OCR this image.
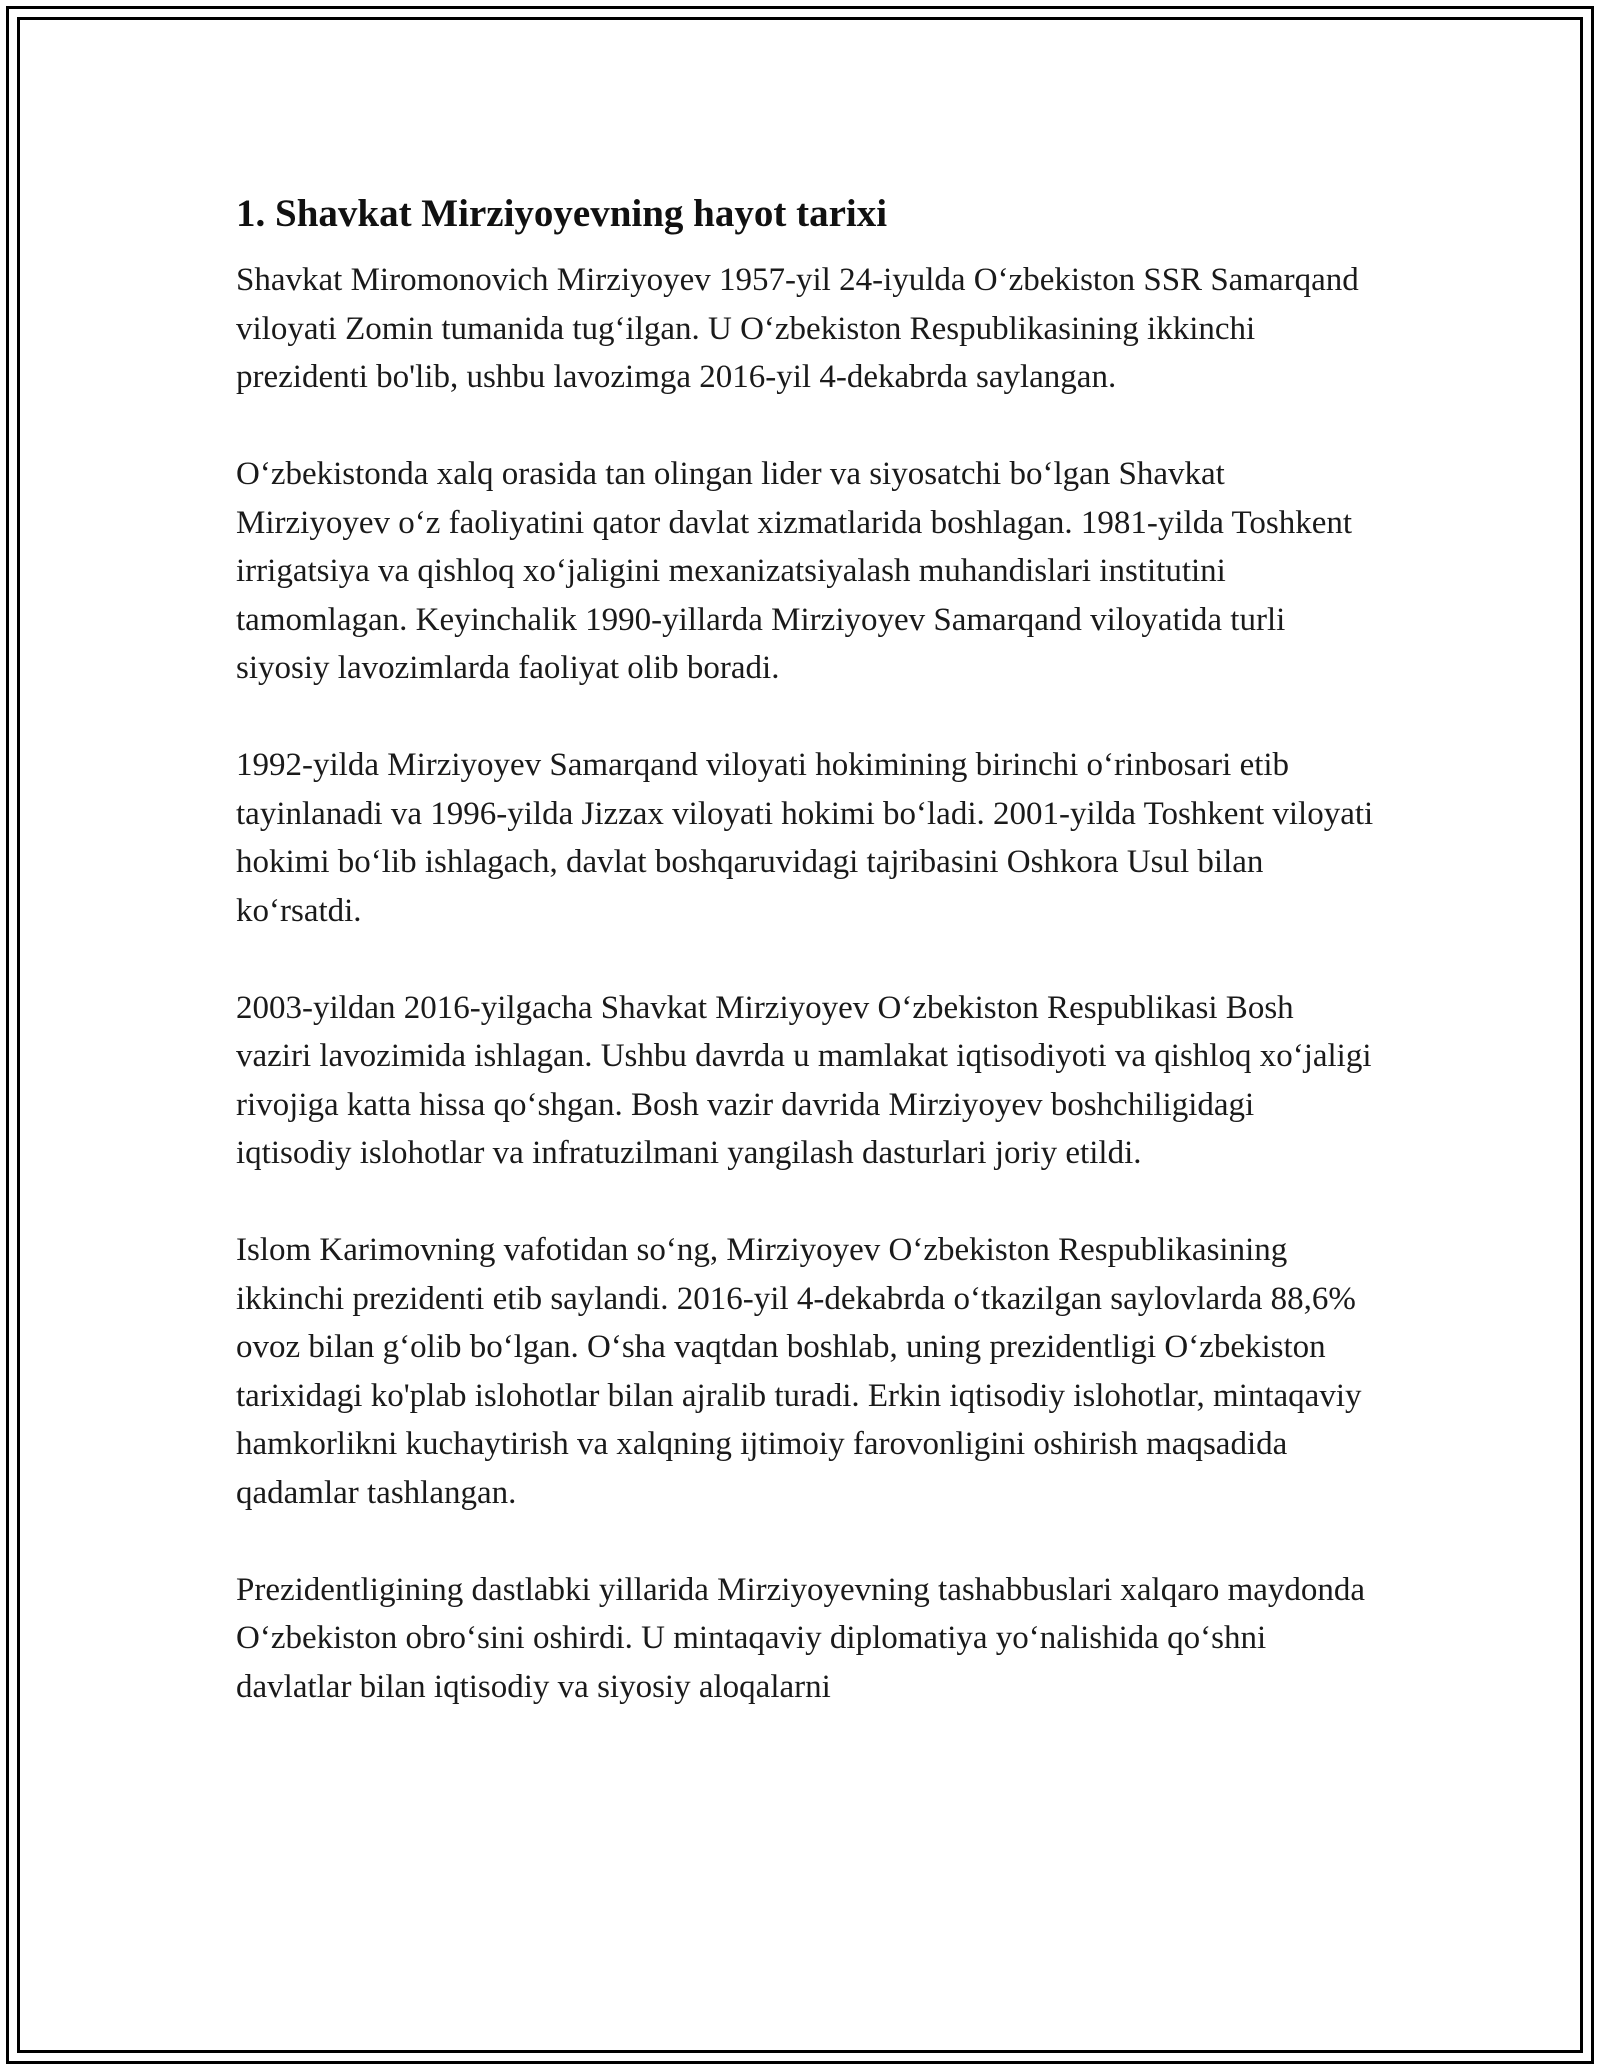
1. Shavkat Mirziyoyevning hayot tarixi

Shavkat Miromonovich Mirziyoyev 1957-yil 24-iyulda Oʻzbekiston SSR Samarqand viloyati Zomin tumanida tugʻilgan. U Oʻzbekiston Respublikasining ikkinchi prezidenti bo'lib, ushbu lavozimga 2016-yil 4-dekabrda saylangan.

Oʻzbekistonda xalq orasida tan olingan lider va siyosatchi boʻlgan Shavkat Mirziyoyev oʻz faoliyatini qator davlat xizmatlarida boshlagan. 1981-yilda Toshkent irrigatsiya va qishloq xoʻjaligini mexanizatsiyalash muhandislari institutini tamomlagan. Keyinchalik 1990-yillarda Mirziyoyev Samarqand viloyatida turli siyosiy lavozimlarda faoliyat olib boradi.

1992-yilda Mirziyoyev Samarqand viloyati hokimining birinchi oʻrinbosari etib tayinlanadi va 1996-yilda Jizzax viloyati hokimi boʻladi. 2001-yilda Toshkent viloyati hokimi boʻlib ishlagach, davlat boshqaruvidagi tajribasini Oshkora Usul bilan koʻrsatdi.

2003-yildan 2016-yilgacha Shavkat Mirziyoyev Oʻzbekiston Respublikasi Bosh vaziri lavozimida ishlagan. Ushbu davrda u mamlakat iqtisodiyoti va qishloq xoʻjaligi rivojiga katta hissa qoʻshgan. Bosh vazir davrida Mirziyoyev boshchiligidagi iqtisodiy islohotlar va infratuzilmani yangilash dasturlari joriy etildi.

Islom Karimovning vafotidan soʻng, Mirziyoyev Oʻzbekiston Respublikasining ikkinchi prezidenti etib saylandi. 2016-yil 4-dekabrda oʻtkazilgan saylovlarda 88,6% ovoz bilan gʻolib boʻlgan. Oʻsha vaqtdan boshlab, uning prezidentligi Oʻzbekiston tarixidagi ko'plab islohotlar bilan ajralib turadi. Erkin iqtisodiy islohotlar, mintaqaviy hamkorlikni kuchaytirish va xalqning ijtimoiy farovonligini oshirish maqsadida qadamlar tashlangan.

Prezidentligining dastlabki yillarida Mirziyoyevning tashabbuslari xalqaro maydonda Oʻzbekiston obroʻsini oshirdi. U mintaqaviy diplomatiya yoʻnalishida qoʻshni davlatlar bilan iqtisodiy va siyosiy aloqalarni
